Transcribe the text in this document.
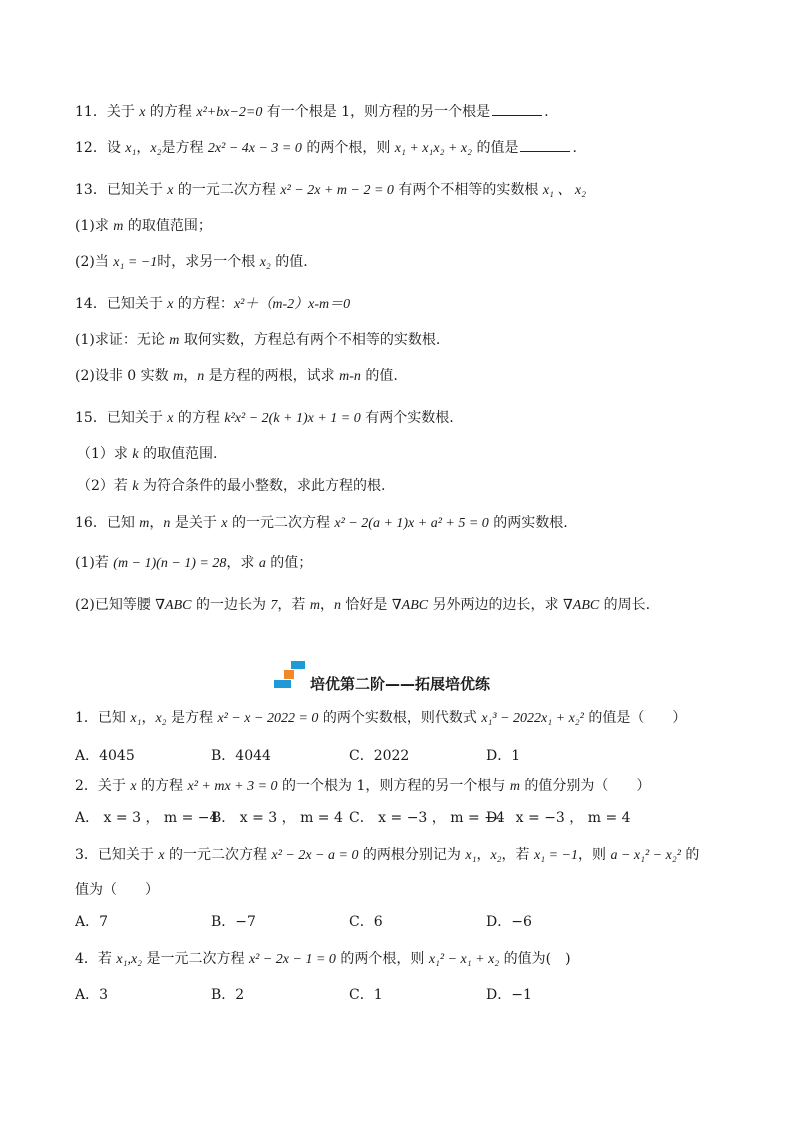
11．关于 x 的方程 x²+bx−2=0 有一个根是 1，则方程的另一个根是	.
12．设 x₁，x₂是方程 2x² − 4x − 3 = 0 的两个根，则 x₁ + x₁x₂ + x₂ 的值是	.
13．已知关于 x 的一元二次方程 x² − 2x + m − 2 = 0 有两个不相等的实数根 x₁ 、 x₂
(1)求 m 的取值范围；
(2)当 x₁ = −1时，求另一个根 x₂ 的值.
14．已知关于 x 的方程：x²＋（m-2）x-m＝0
(1)求证：无论 m 取何实数，方程总有两个不相等的实数根.
(2)设非 0 实数 m，n 是方程的两根，试求 m-n 的值.
15．已知关于 x 的方程 k²x² − 2(k + 1)x + 1 = 0 有两个实数根.
（1）求 k 的取值范围.
（2）若 k 为符合条件的最小整数，求此方程的根.
16．已知 m，n 是关于 x 的一元二次方程 x² − 2(a + 1)x + a² + 5 = 0 的两实数根.
(1)若 (m − 1)(n − 1) = 28，求 a 的值；
(2)已知等腰 ∇ABC 的一边长为 7，若 m，n 恰好是 ∇ABC 另外两边的边长，求 ∇ABC 的周长.
培优第二阶——拓展培优练
1．已知 x₁，x₂ 是方程 x² − x − 2022 = 0 的两个实数根，则代数式 x₁³ − 2022x₁ + x₂² 的值是（　　）
A．4045	B．4044	C．2022	D．1
2．关于 x 的方程 x² + mx + 3 = 0 的一个根为 1，则方程的另一个根与 m 的值分别为（　　）
A． x = 3 ， m = −4
B． x = 3 ， m = 4 C． x = −3 ， m = −4
D． x = −3 ， m = 4
3．已知关于 x 的一元二次方程 x² − 2x − a = 0 的两根分别记为 x₁，x₂，若 x₁ = −1，则 a − x₁² − x₂² 的
值为（　　）
A．7	B．−7	C．6	D．−6
4．若 x₁,x₂ 是一元二次方程 x² − 2x − 1 = 0 的两个根，则 x₁² − x₁ + x₂ 的值为(　)
A．3	B．2	C．1	D．−1
